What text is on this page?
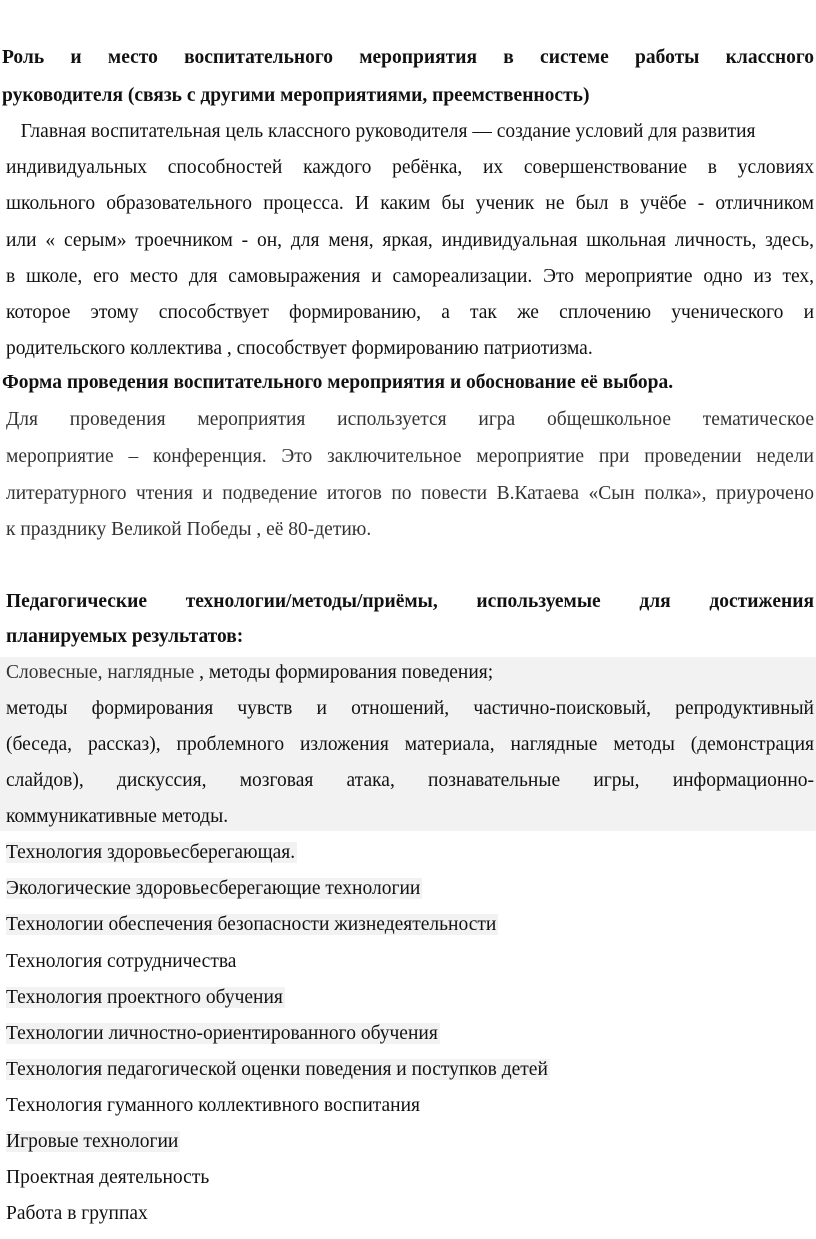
Роль и место воспитательного мероприятия в системе работы классного
руководителя (связь с другими мероприятиями, преемственность)
Главная воспитательная цель классного руководителя — создание условий для развития
индивидуальных способностей каждого ребёнка, их совершенствование в условиях
школьного образовательного процесса. И каким бы ученик не был в учёбе - отличником
или « серым» троечником - он, для меня, яркая, индивидуальная школьная личность, здесь,
в школе, его место для самовыражения и самореализации. Это мероприятие одно из тех,
которое этому способствует формированию, а так же сплочению ученического и
родительского коллектива , способствует формированию патриотизма.
Форма проведения воспитательного мероприятия и обоснование её выбора.
Для проведения мероприятия используется игра общешкольное тематическое
мероприятие – конференция. Это заключительное мероприятие при проведении недели
литературного чтения и подведение итогов по повести В.Катаева «Сын полка», приурочено
к празднику Великой Победы , её 80-детию.
Педагогические технологии/методы/приёмы, используемые для достижения
планируемых результатов:
Словесные, наглядные , методы формирования поведения;
методы формирования чувств и отношений, частично-поисковый, репродуктивный
(беседа, рассказ), проблемного изложения материала, наглядные методы (демонстрация
слайдов), дискуссия, мозговая атака, познавательные игры, информационно-
коммуникативные методы.
Технология здоровьесберегающая.
Экологические здоровьесберегающие технологии
Технологии обеспечения безопасности жизнедеятельности
Технология сотрудничества
Технология проектного обучения
Технологии личностно-ориентированного обучения
Технология педагогической оценки поведения и поступков детей
Технология гуманного коллективного воспитания
Игровые технологии
Проектная деятельность
Работа в группах
